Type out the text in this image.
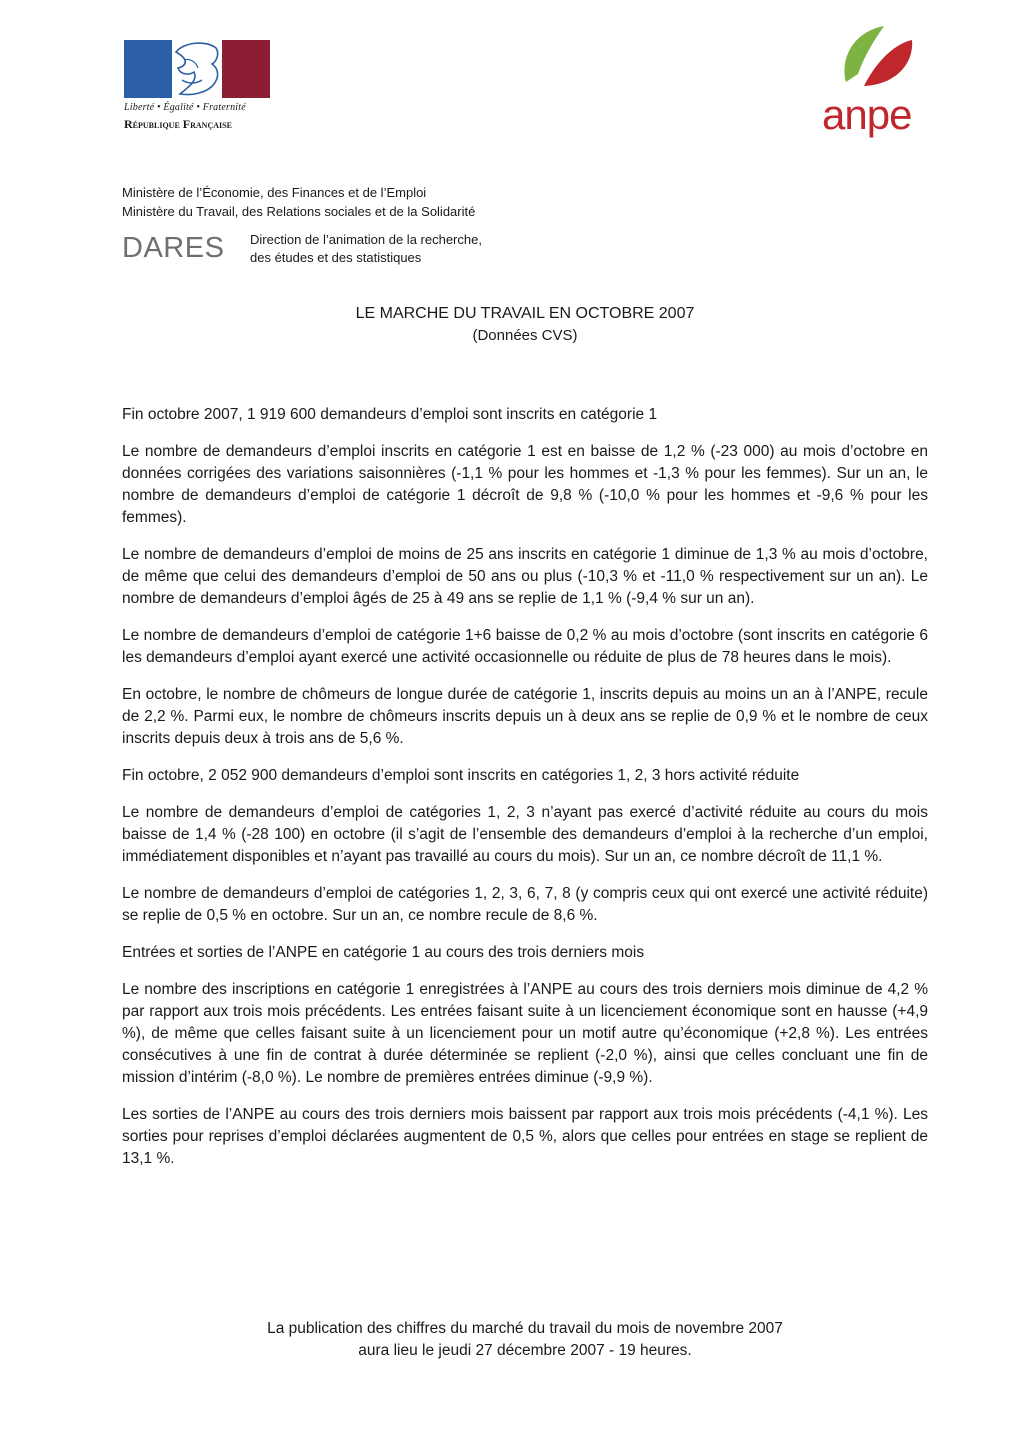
Liberté • Égalité • Fraternité
République Française	anpe
Ministère de l’Économie, des Finances et de l’Emploi
Ministère du Travail, des Relations sociales et de la Solidarité
DARES Direction de l’animation de la recherche,
des études et des statistiques
LE MARCHE DU TRAVAIL EN OCTOBRE 2007
(Données CVS)

Fin octobre 2007, 1 919 600 demandeurs d’emploi sont inscrits en catégorie 1

Le nombre de demandeurs d’emploi inscrits en catégorie 1 est en baisse de 1,2 % (-23 000) au mois d’octobre en données corrigées des variations saisonnières (-1,1 % pour les hommes et -1,3 % pour les femmes). Sur un an, le nombre de demandeurs d’emploi de catégorie 1 décroît de 9,8 % (-10,0 % pour les hommes et -9,6 % pour les femmes).

Le nombre de demandeurs d’emploi de moins de 25 ans inscrits en catégorie 1 diminue de 1,3 % au mois d’octobre, de même que celui des demandeurs d’emploi de 50 ans ou plus (-10,3 % et -11,0 % respectivement sur un an). Le nombre de demandeurs d’emploi âgés de 25 à 49 ans se replie de 1,1 % (-9,4 % sur un an).

Le nombre de demandeurs d’emploi de catégorie 1+6 baisse de 0,2 % au mois d’octobre (sont inscrits en catégorie 6 les demandeurs d’emploi ayant exercé une activité occasionnelle ou réduite de plus de 78 heures dans le mois).

En octobre, le nombre de chômeurs de longue durée de catégorie 1, inscrits depuis au moins un an à l’ANPE, recule de 2,2 %. Parmi eux, le nombre de chômeurs inscrits depuis un à deux ans se replie de 0,9 % et le nombre de ceux inscrits depuis deux à trois ans de 5,6 %.

Fin octobre, 2 052 900 demandeurs d’emploi sont inscrits en catégories 1, 2, 3 hors activité réduite

Le nombre de demandeurs d’emploi de catégories 1, 2, 3 n’ayant pas exercé d’activité réduite au cours du mois baisse de 1,4 % (-28 100) en octobre (il s’agit de l’ensemble des demandeurs d’emploi à la recherche d’un emploi, immédiatement disponibles et n’ayant pas travaillé au cours du mois). Sur un an, ce nombre décroît de 11,1 %.

Le nombre de demandeurs d’emploi de catégories 1, 2, 3, 6, 7, 8 (y compris ceux qui ont exercé une activité réduite) se replie de 0,5 % en octobre. Sur un an, ce nombre recule de 8,6 %.

Entrées et sorties de l’ANPE en catégorie 1 au cours des trois derniers mois

Le nombre des inscriptions en catégorie 1 enregistrées à l’ANPE au cours des trois derniers mois diminue de 4,2 % par rapport aux trois mois précédents. Les entrées faisant suite à un licenciement économique sont en hausse (+4,9 %), de même que celles faisant suite à un licenciement pour un motif autre qu’économique (+2,8 %). Les entrées consécutives à une fin de contrat à durée déterminée se replient (-2,0 %), ainsi que celles concluant une fin de mission d’intérim (-8,0 %). Le nombre de premières entrées diminue (-9,9 %).

Les sorties de l’ANPE au cours des trois derniers mois baissent par rapport aux trois mois précédents (-4,1 %). Les sorties pour reprises d’emploi déclarées augmentent de 0,5 %, alors que celles pour entrées en stage se replient de 13,1 %.

La publication des chiffres du marché du travail du mois de novembre 2007
aura lieu le jeudi 27 décembre 2007 - 19 heures.
